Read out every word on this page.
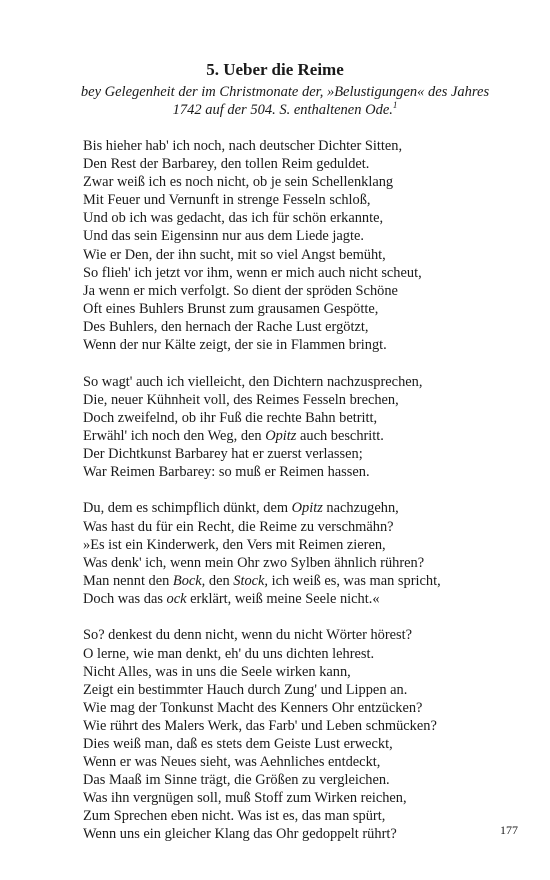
5. Ueber die Reime
bey Gelegenheit der im Christmonate der, »Belustigungen« des Jahres
1742 auf der 504. S. enthaltenen Ode.$^1$
Bis hieher hab' ich noch, nach deutscher Dichter Sitten,
Den Rest der Barbarey, den tollen Reim geduldet.
Zwar weiß ich es noch nicht, ob je sein Schellenklang
Mit Feuer und Vernunft in strenge Fesseln schloß,
Und ob ich was gedacht, das ich für schön erkannte,
Und das sein Eigensinn nur aus dem Liede jagte.
Wie er Den, der ihn sucht, mit so viel Angst bemüht,
So flieh' ich jetzt vor ihm, wenn er mich auch nicht scheut,
Ja wenn er mich verfolgt. So dient der spröden Schöne
Oft eines Buhlers Brunst zum grausamen Gespötte,
Des Buhlers, den hernach der Rache Lust ergötzt,
Wenn der nur Kälte zeigt, der sie in Flammen bringt.
So wagt' auch ich vielleicht, den Dichtern nachzusprechen,
Die, neuer Kühnheit voll, des Reimes Fesseln brechen,
Doch zweifelnd, ob ihr Fuß die rechte Bahn betritt,
Erwähl' ich noch den Weg, den Opitz auch beschritt.
Der Dichtkunst Barbarey hat er zuerst verlassen;
War Reimen Barbarey: so muß er Reimen hassen.
Du, dem es schimpflich dünkt, dem Opitz nachzugehn,
Was hast du für ein Recht, die Reime zu verschmähn?
»Es ist ein Kinderwerk, den Vers mit Reimen zieren,
Was denk' ich, wenn mein Ohr zwo Sylben ähnlich rühren?
Man nennt den Bock, den Stock, ich weiß es, was man spricht,
Doch was das ock erklärt, weiß meine Seele nicht.«
So? denkest du denn nicht, wenn du nicht Wörter hörest?
O lerne, wie man denkt, eh' du uns dichten lehrest.
Nicht Alles, was in uns die Seele wirken kann,
Zeigt ein bestimmter Hauch durch Zung' und Lippen an.
Wie mag der Tonkunst Macht des Kenners Ohr entzücken?
Wie rührt des Malers Werk, das Farb' und Leben schmücken?
Dies weiß man, daß es stets dem Geiste Lust erweckt,
Wenn er was Neues sieht, was Aehnliches entdeckt,
Das Maaß im Sinne trägt, die Größen zu vergleichen.
Was ihn vergnügen soll, muß Stoff zum Wirken reichen,
Zum Sprechen eben nicht. Was ist es, das man spürt,
Wenn uns ein gleicher Klang das Ohr gedoppelt rührt?	177
